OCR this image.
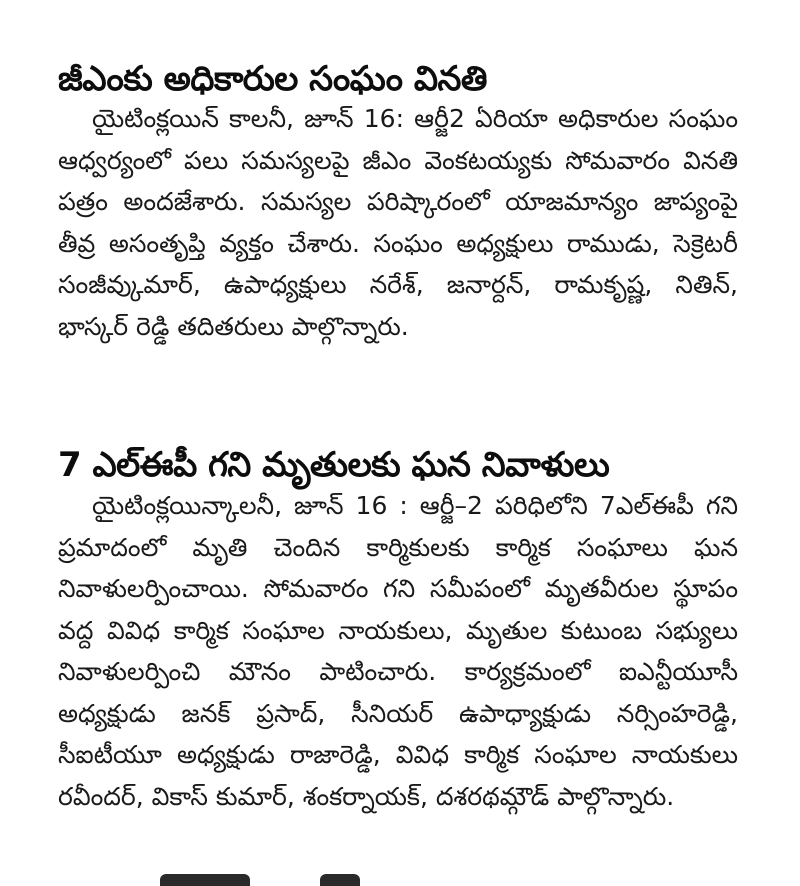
జీఎంకు అధికారుల సంఘం వినతి

యైటింక్లయిన్ కాలనీ, జూన్ 16: ఆర్జీ2 ఏరియా అధికారుల సంఘం ఆధ్వర్యంలో పలు సమస్యలపై జీఎం వెంకటయ్యకు సోమవారం వినతి పత్రం అందజేశారు. సమస్యల పరిష్కారంలో యాజమాన్యం జాప్యంపై తీవ్ర అసంతృప్తి వ్యక్తం చేశారు. సంఘం అధ్యక్షులు రాముడు, సెక్రెటరీ సంజీవ్కుమార్, ఉపాధ్యక్షులు నరేశ్, జనార్దన్, రామకృష్ణ, నితిన్, భాస్కర్ రెడ్డి తదితరులు పాల్గొన్నారు.

7 ఎల్ఈపీ గని మృతులకు ఘన నివాళులు

యైటింక్లయిన్కాలనీ, జూన్ 16 : ఆర్జీ–2 పరిధిలోని 7ఎల్ఈపీ గని ప్రమాదంలో మృతి చెందిన కార్మికులకు కార్మిక సంఘాలు ఘన నివాళులర్పించాయి. సోమవారం గని సమీపంలో మృతవీరుల స్థూపం వద్ద వివిధ కార్మిక సంఘాల నాయకులు, మృతుల కుటుంబ సభ్యులు నివాళులర్పించి మౌనం పాటించారు. కార్యక్రమంలో ఐఎన్టీయూసీ అధ్యక్షుడు జనక్ ప్రసాద్, సీనియర్ ఉపాధ్యాక్షుడు నర్సింహరెడ్డి, సీఐటీయూ అధ్యక్షుడు రాజారెడ్డి, వివిధ కార్మిక సంఘాల నాయకులు రవీందర్, వికాస్ కుమార్, శంకర్నాయక్, దశరథమ్గౌడ్ పాల్గొన్నారు.
